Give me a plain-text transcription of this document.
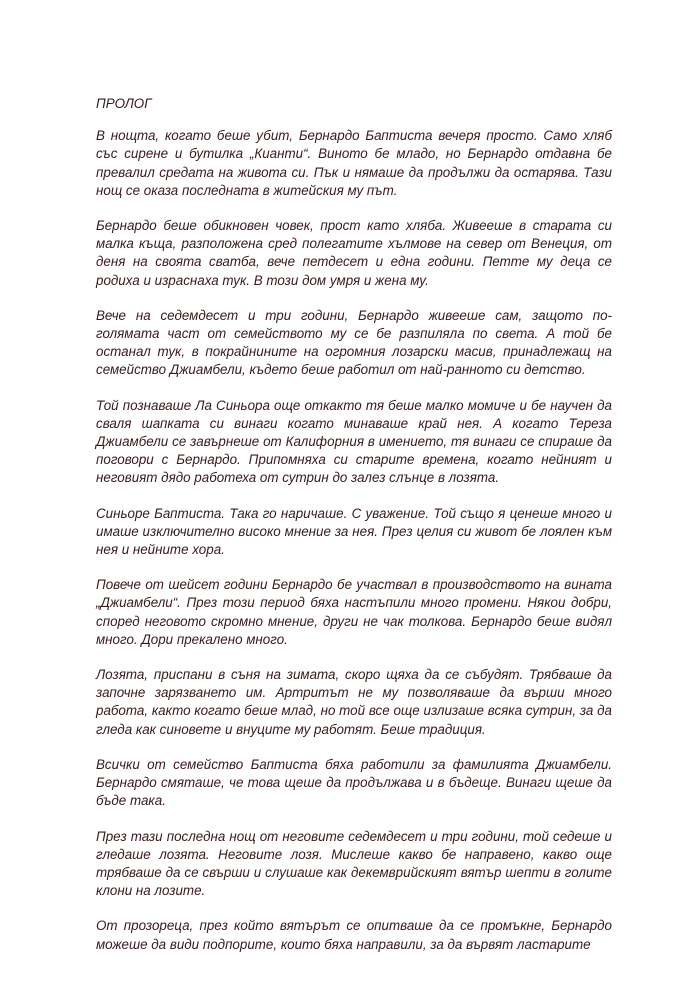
ПРОЛОГ

В нощта, когато беше убит, Бернардо Баптиста вечеря просто. Само хляб със сирене и бутилка „Кианти“. Виното бе младо, но Бернардо отдавна бе превалил средата на живота си. Пък и нямаше да продължи да остарява. Тази нощ се оказа последната в житейския му път.

Бернардо беше обикновен човек, прост като хляба. Живееше в старата си малка къща, разположена сред полегатите хълмове на север от Венеция, от деня на своята сватба, вече петдесет и една години. Петте му деца се родиха и израснаха тук. В този дом умря и жена му.

Вече на седемдесет и три години, Бернардо живееше сам, защото по-голямата част от семейството му се бе разпиляла по света. А той бе останал тук, в покрайнините на огромния лозарски масив, принадлежащ на семейство Джиамбели, където беше работил от най-ранното си детство.

Той познаваше Ла Синьора още откакто тя беше малко момиче и бе научен да сваля шапката си винаги когато минаваше край нея. А когато Тереза Джиамбели се завърнеше от Калифорния в имението, тя винаги се спираше да поговори с Бернардо. Припомняха си старите времена, когато нейният и неговият дядо работеха от сутрин до залез слънце в лозята.

Синьоре Баптиста. Така го наричаше. С уважение. Той също я ценеше много и имаше изключително високо мнение за нея. През целия си живот бе лоялен към нея и нейните хора.

Повече от шейсет години Бернардо бе участвал в производството на вината „Джиамбели“. През този период бяха настъпили много промени. Някои добри, според неговото скромно мнение, други не чак толкова. Бернардо беше видял много. Дори прекалено много.

Лозята, приспани в съня на зимата, скоро щяха да се събудят. Трябваше да започне зарязването им. Артритът не му позволяваше да върши много работа, както когато беше млад, но той все още излизаше всяка сутрин, за да гледа как синовете и внуците му работят. Беше традиция.

Всички от семейство Баптиста бяха работили за фамилията Джиамбели. Бернардо смяташе, че това щеше да продължава и в бъдеще. Винаги щеше да бъде така.

През тази последна нощ от неговите седемдесет и три години, той седеше и гледаше лозята. Неговите лозя. Мислеше какво бе направено, какво още трябваше да се свърши и слушаше как декемврийският вятър шепти в голите клони на лозите.

От прозореца, през който вятърът се опитваше да се промъкне, Бернардо можеше да види подпорите, които бяха направили, за да вървят ластарите
